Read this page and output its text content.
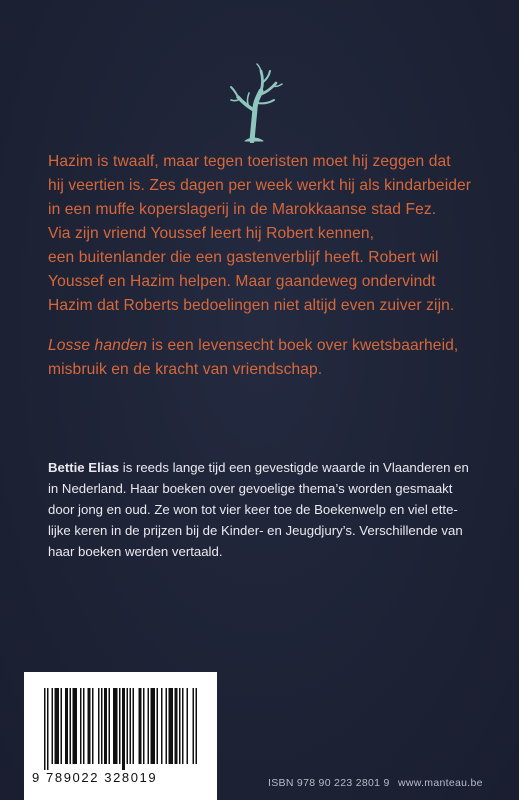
Hazim is twaalf, maar tegen toeristen moet hij zeggen dat
hij veertien is. Zes dagen per week werkt hij als kindarbeider
in een muffe koperslagerij in de Marokkaanse stad Fez.
Via zijn vriend Youssef leert hij Robert kennen,
een buitenlander die een gastenverblijf heeft. Robert wil
Youssef en Hazim helpen. Maar gaandeweg ondervindt
Hazim dat Roberts bedoelingen niet altijd even zuiver zijn.

Losse handen is een levensecht boek over kwetsbaarheid,
misbruik en de kracht van vriendschap.

Bettie Elias is reeds lange tijd een gevestigde waarde in Vlaanderen en
in Nederland. Haar boeken over gevoelige thema’s worden gesmaakt
door jong en oud. Ze won tot vier keer toe de Boekenwelp en viel ette-
lijke keren in de prijzen bij de Kinder- en Jeugdjury’s. Verschillende van
haar boeken werden vertaald.
9 789022 328019	ISBN 978 90 223 2801 9 www.manteau.be
